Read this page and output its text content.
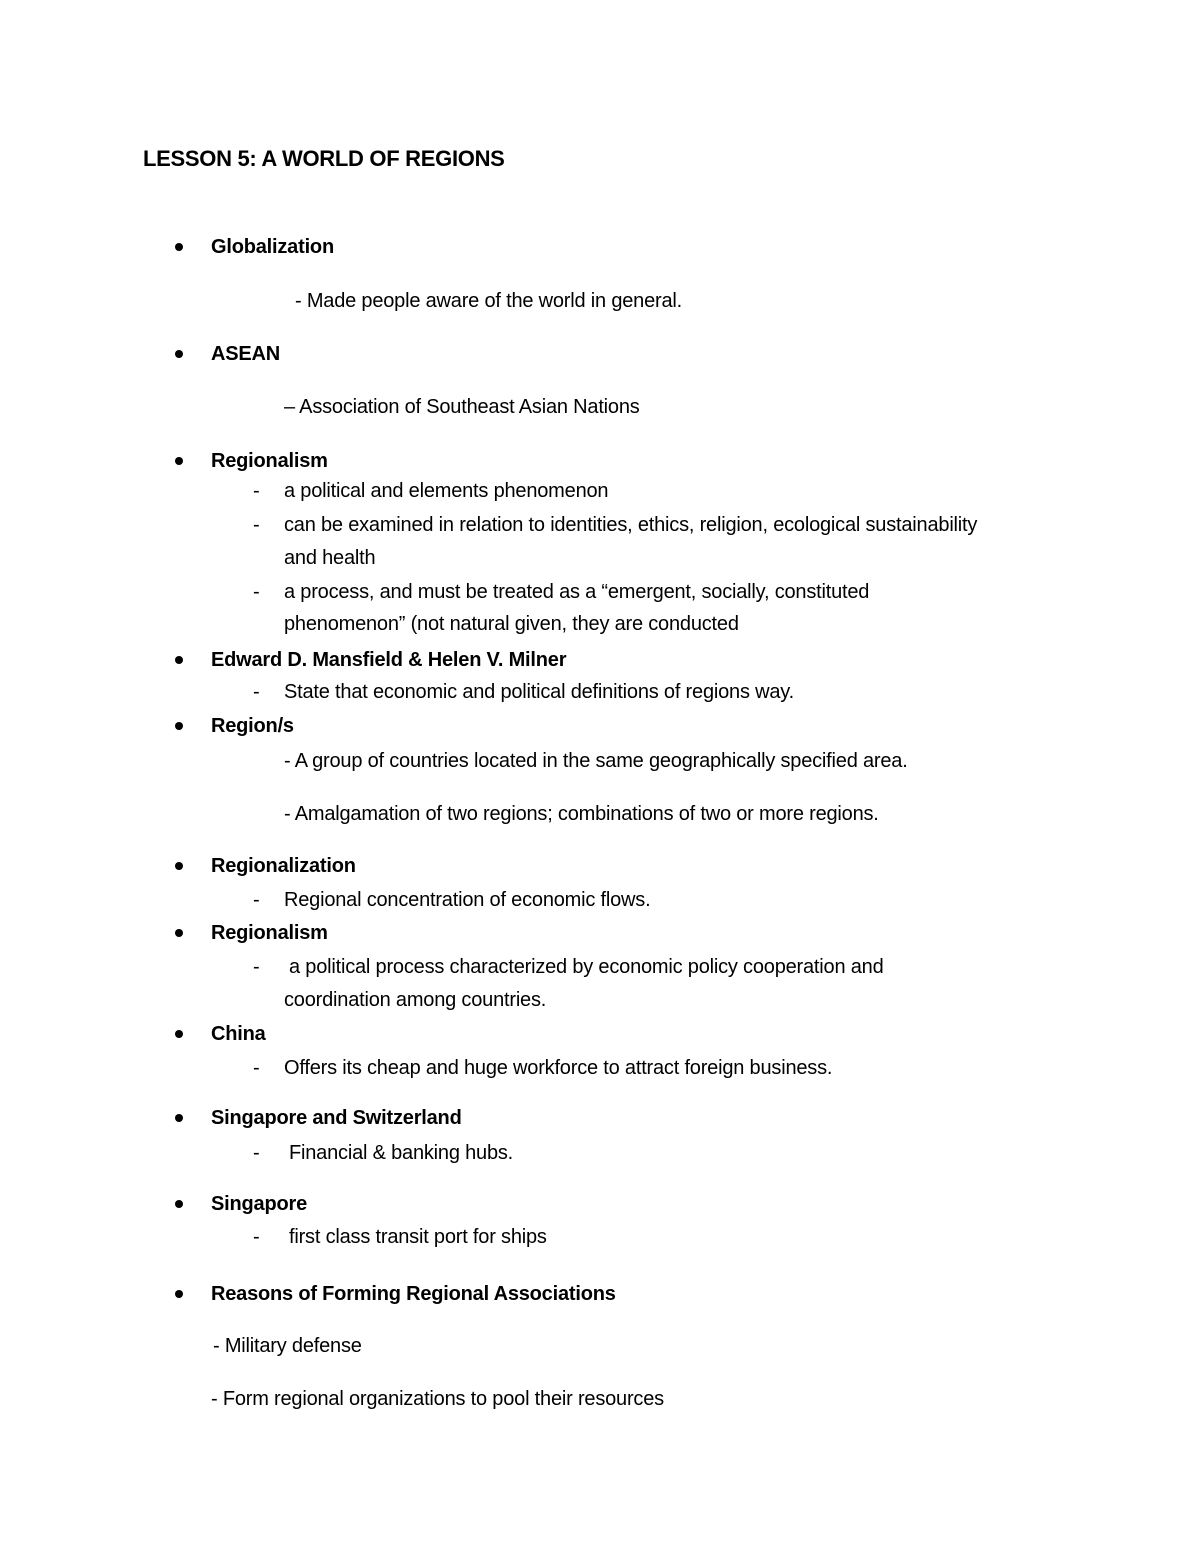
LESSON 5: A WORLD OF REGIONS
Globalization
- Made people aware of the world in general.
ASEAN
– Association of Southeast Asian Nations
Regionalism
- a political and elements phenomenon
- can be examined in relation to identities, ethics, religion, ecological sustainability
and health
- a process, and must be treated as a “emergent, socially, constituted
phenomenon” (not natural given, they are conducted
Edward D. Mansfield & Helen V. Milner
- State that economic and political definitions of regions way.
Region/s
- A group of countries located in the same geographically specified area.
- Amalgamation of two regions; combinations of two or more regions.
Regionalization
- Regional concentration of economic flows.
Regionalism
- a political process characterized by economic policy cooperation and
coordination among countries.
China
- Offers its cheap and huge workforce to attract foreign business.
Singapore and Switzerland
- Financial & banking hubs.
Singapore
- first class transit port for ships
Reasons of Forming Regional Associations
- Military defense
- Form regional organizations to pool their resources
